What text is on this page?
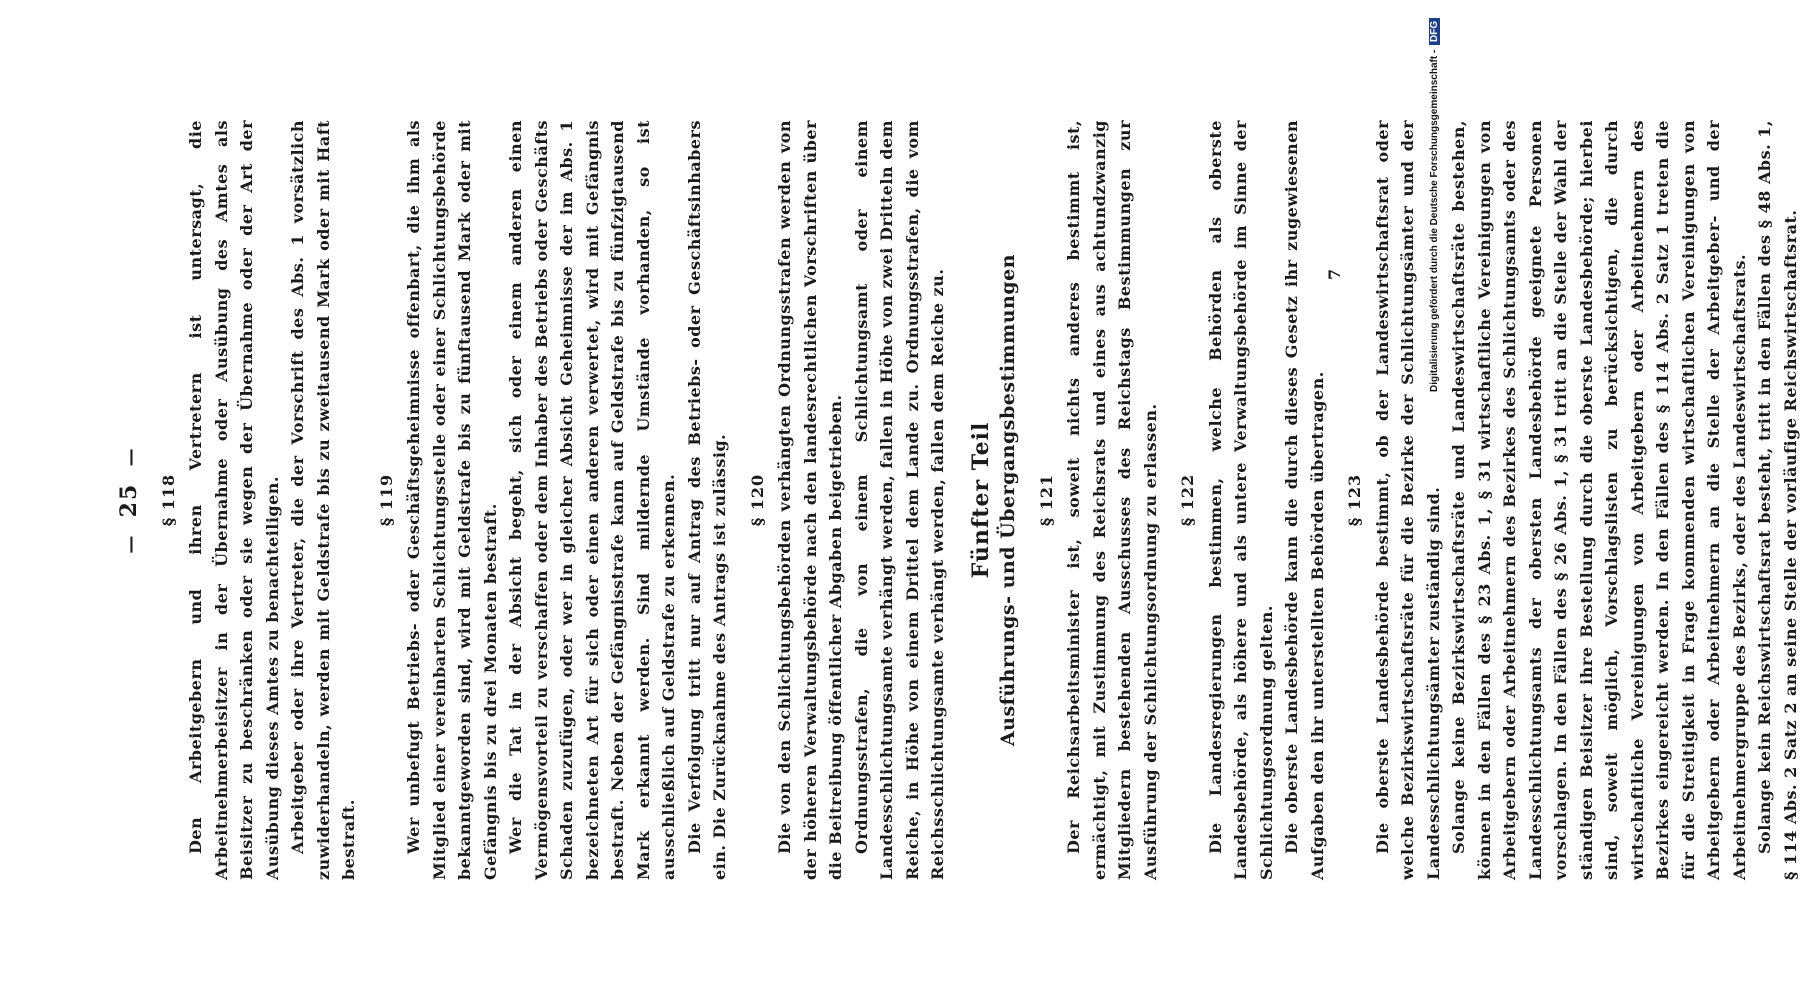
— 25 —
§ 118 Den Arbeitgebern und ihren Vertretern ist untersagt, die Arbeitnehmerbeisitzer in der Übernahme oder Ausübung des Amtes als Beisitzer zu beschränken oder sie wegen der Übernahme oder der Art der Ausübung dieses Amtes zu benachteiligen. Arbeitgeber oder ihre Vertreter, die der Vorschrift des Abs. 1 vorsätzlich zuwiderhandeln, werden mit Geldstrafe bis zu zweitausend Mark oder mit Haft bestraft.

§ 119 Wer unbefugt Betriebs- oder Geschäftsgeheimnisse offenbart, die ihm als Mitglied einer vereinbarten Schlichtungsstelle oder einer Schlichtungsbehörde bekanntgeworden sind, wird mit Geldstrafe bis zu fünftausend Mark oder mit Gefängnis bis zu drei Monaten bestraft. Wer die Tat in der Absicht begeht, sich oder einem anderen einen Vermögensvorteil zu verschaffen oder dem Inhaber des Betriebs oder Geschäfts Schaden zuzufügen, oder wer in gleicher Absicht Geheimnisse der im Abs. 1 bezeichneten Art für sich oder einen anderen verwertet, wird mit Gefängnis bestraft. Neben der Gefängnisstrafe kann auf Geldstrafe bis zu fünfzigtausend Mark erkannt werden. Sind mildernde Umstände vorhanden, so ist ausschließlich auf Geldstrafe zu erkennen. Die Verfolgung tritt nur auf Antrag des Betriebs- oder Geschäftsinhabers ein. Die Zurücknahme des Antrags ist zulässig. § 120 Die von den Schlichtungsbehörden verhängten Ordnungsstrafen werden von der höheren Verwaltungsbehörde nach den landesrechtlichen Vorschriften über die Beitreibung öffentlicher Abgaben beigetrieben. Ordnungsstrafen, die von einem Schlichtungsamt oder einem Landesschlichtungsamte verhängt werden, fallen in Höhe von zwei Dritteln dem Reiche, in Höhe von einem Drittel dem Lande zu. Ordnungsstrafen, die vom Reichsschlichtungsamte verhängt werden, fallen dem Reiche zu. Fünfter Teil Ausführungs- und Übergangsbestimmungen § 121 Der Reichsarbeitsminister ist, soweit nichts anderes bestimmt ist, ermächtigt, mit Zustimmung des Reichsrats und eines aus achtundzwanzig Mitgliedern bestehenden Ausschusses des Reichstags Bestimmungen zur Ausführung der Schlichtungsordnung zu erlassen. § 122 Die Landesregierungen bestimmen, welche Behörden als oberste Landesbehörde, als höhere und als untere Verwaltungsbehörde im Sinne der Schlichtungsordnung gelten. Die oberste Landesbehörde kann die durch dieses Gesetz ihr zugewiesenen Aufgaben den ihr unterstellten Behörden übertragen. § 123 Die oberste Landesbehörde bestimmt, ob der Landeswirtschaftsrat oder welche Bezirkswirtschaftsräte für die Bezirke der Schlichtungsämter und der Landesschlichtungsämter zuständig sind. Solange keine Bezirkswirtschaftsräte und Landeswirtschaftsräte bestehen, können in den Fällen des § 23 Abs. 1, § 31 wirtschaftliche Vereinigungen von Arbeitgebern oder Arbeitnehmern des Bezirkes des Schlichtungsamts oder des Landesschlichtungsamts der obersten Landesbehörde geeignete Personen vorschlagen. In den Fällen des § 26 Abs. 1, § 31 tritt an die Stelle der Wahl der ständigen Beisitzer ihre Bestellung durch die oberste Landesbehörde; hierbei sind, soweit möglich, Vorschlagslisten zu berücksichtigen, die durch wirtschaftliche Vereinigungen von Arbeitgebern oder Arbeitnehmern des Bezirkes eingereicht werden. In den Fällen des § 114 Abs. 2 Satz 1 treten die für die Streitigkeit in Frage kommenden wirtschaftlichen Vereinigungen von Arbeitgebern oder Arbeitnehmern an die Stelle der Arbeitgeber- und der Arbeitnehmergruppe des Bezirks, oder des Landeswirtschaftsrats. Solange kein Reichswirtschaftsrat besteht, tritt in den Fällen des § 48 Abs. 1, § 114 Abs. 2 Satz 2 an seine Stelle der vorläufige Reichswirtschaftsrat.

7	Digitalisierung gefördert durch die Deutsche Forschungsgemeinschaft - DFG
